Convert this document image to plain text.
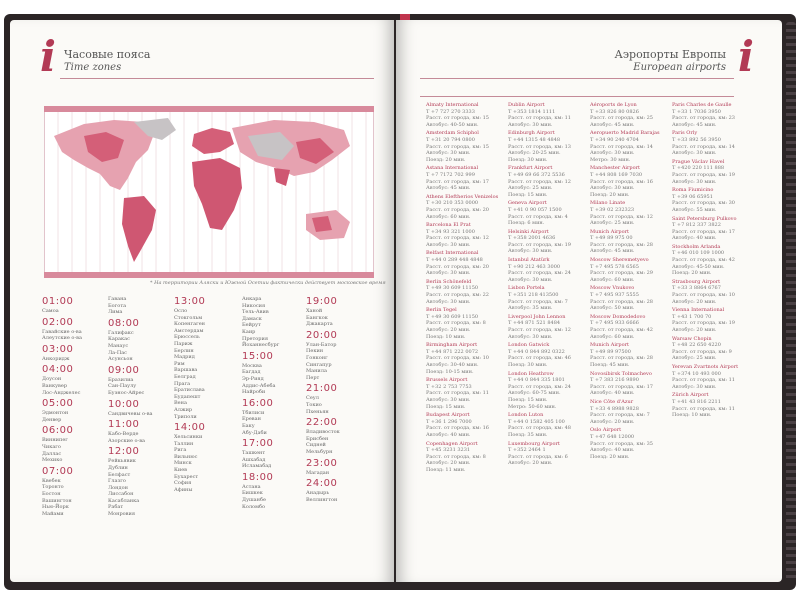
i Часовые пояса
Time zones
* На территории Аляски и Южной Осетии фактически действует московское время
01:00
Самоа
02:00
Гавайские о-ва
Алеутские о-ва
03:00
Анкоридж
04:00
Доусон
Ванкувер
Лос-Анджелес
05:00
Эдмонтон
Денвер
06:00
Виннипег
Чикаго
Даллас
Мехико
07:00
Квебек
Торонто
Бостон
Вашингтон
Нью-Йорк
Майами
Гавана
Богота
Лима
08:00
Галифакс
Каракас
Манаус
Ла-Пас
Асунсьон
09:00
Бразилиа
Сан-Паулу
Буэнос-Айрес
10:00
Сандвичевы о-ва
11:00
Кабо-Верде
Азорские о-ва
12:00
Рейкьявик
Дублин
Белфаст
Глазго
Лондон
Лиссабон
Касабланка
Рабат
Монровия
13:00
Осло
Стокгольм
Копенгаген
Амстердам
Брюссель
Париж
Берлин
Мадрид
Рим
Варшава
Белград
Прага
Братислава
Будапешт
Вена
Алжир
Триполи
14:00
Хельсинки
Таллин
Рига
Вильнюс
Минск
Киев
Бухарест
София
Афины
Анкара
Никосия
Тель-Авив
Дамаск
Бейрут
Каир
Претория
Йоханнесбург
15:00
Москва
Багдад
Эр-Рияд
Аддис-Абеба
Найроби
16:00
Тбилиси
Ереван
Баку
Абу-Даби
17:00
Ташкент
Ашхабад
Исламабад
18:00
Астана
Бишкек
Душанбе
Коломбо
19:00
Ханой
Бангкок
Джакарта
20:00
Улан-Батор
Пекин
Гонконг
Сингапур
Манила
Перт
21:00
Сеул
Токио
Пхеньян
22:00
Владивосток
Брисбен
Сидней
Мельбурн
23:00
Магадан
24:00
Анадырь
Веллингтон
i
Аэропорты Европы
European airports
Almaty International
T +7 727 270 3333
Расст. от города, км: 15
Автобус: 40-50 мин.
Amsterdam Schiphol
T +31 20 794 0800
Расст. от города, км: 15
Автобус: 30 мин.
Поезд: 20 мин.
Astana International
T +7 7172 702 999
Расст. от города, км: 17
Автобус: 45 мин.
Athens Eleftherios Venizelos
T +30 210 353 0000
Расст. от города, км: 20
Автобус: 60 мин.
Barcelona El Prat
T +34 93 321 1000
Расст. от города, км: 12
Автобус: 30 мин.
Belfast International
T +44 0 289 448 4848
Расст. от города, км: 20
Автобус: 30 мин.
Berlin Schönefeld
T +49 30 609 11150
Расст. от города, км: 22
Автобус: 30 мин.
Berlin Tegel
T +49 30 609 11150
Расст. от города, км: 8
Автобус: 20 мин.
Поезд: 10 мин.
Birmingham Airport
T +44 871 222 0072
Расст. от города, км: 10
Автобус: 30-40 мин.
Поезд: 10-15 мин.
Brussels Airport
T +32 2 753 7753
Расст. от города, км: 11
Автобус: 30 мин.
Поезд: 15 мин.
Budapest Airport
T +36 1 296 7000
Расст. от города, км: 16
Автобус: 40 мин.
Copenhagen Airport
T +45 3231 3231
Расст. от города, км: 8
Автобус: 20 мин.
Поезд: 11 мин.
Dublin Airport
T +353 1814 1111
Расст. от города, км: 11
Автобус: 30 мин.
Edinburgh Airport
T +44 1315 48 4848
Расст. от города, км: 13
Автобус: 20-25 мин.
Поезд: 30 мин.
Frankfurt Airport
T +49 69 66 372 5536
Расст. от города, км: 12
Автобус: 25 мин.
Поезд: 15 мин.
Geneva Airport
T +41 0 90 057 1500
Расст. от города, км: 4
Поезд: 6 мин.
Helsinki Airport
T +358 2001 4636
Расст. от города, км: 19
Автобус: 30 мин.
Istanbul Atatürk
T +90 212 463 3000
Расст. от города, км: 24
Автобус: 30 мин.
Lisbon Portela
T +351 218 413500
Расст. от города, км: 7
Автобус: 35 мин.
Liverpool John Lennon
T +44 871 521 8484
Расст. от города, км: 12
Автобус: 30 мин.
London Gatwick
T +44 0 844 892 0322
Расст. от города, км: 46
Поезд: 30 мин.
London Heathrow
T +44 0 844 335 1801
Расст. от города, км: 24
Автобус: 60-75 мин.
Поезд: 15 мин.
Метро: 50-60 мин.
London Luton
T +44 0 1582 405 100
Расст. от города, км: 48
Поезд: 35 мин.
Luxembourg Airport
T +352 2464 1
Расст. от города, км: 6
Автобус: 20 мин.
Aéroports de Lyon
T +33 826 80 0826
Расст. от города, км: 25
Автобус: 45 мин.
Aeropuerto Madrid Barajas
T +34 90 240 4704
Расст. от города, км: 14
Автобус: 30 мин.
Метро: 30 мин.
Manchester Airport
T +44 808 169 7030
Расст. от города, км: 16
Автобус: 30 мин.
Поезд: 20 мин.
Milano Linate
T +39 02 232323
Расст. от города, км: 12
Автобус: 25 мин.
Munich Airport
T +49 89 975 00
Расст. от города, км: 28
Автобус: 45 мин.
Moscow Sheremetyevo
T +7 495 578 6565
Расст. от города, км: 29
Автобус: 60 мин.
Moscow Vnukovo
T +7 495 937 5555
Расст. от города, км: 28
Автобус: 50 мин.
Moscow Domodedovo
T +7 495 933 6666
Расст. от города, км: 42
Автобус: 60 мин.
Munich Airport
T +49 89 97500
Расст. от города, км: 28
Поезд: 45 мин.
Novosibirsk Tolmachevo
T +7 383 216 9890
Расст. от города, км: 17
Автобус: 40 мин.
Nice Côte d'Azur
T +33 4 8988 9828
Расст. от города, км: 7
Автобус: 20 мин.
Oslo Airport
T +47 648 12000
Расст. от города, км: 35
Автобус: 40 мин.
Поезд: 20 мин.
Paris Charles de Gaulle
T +33 1 7036 3950
Расст. от города, км: 23
Автобус: 45 мин.
Paris Orly
T +33 892 56 3950
Расст. от города, км: 14
Автобус: 30 мин.
Prague Václav Havel
T +420 220 111 888
Расст. от города, км: 19
Автобус: 30 мин.
Roma Fiumicino
T +39 06 65951
Расст. от города, км: 30
Автобус: 55 мин.
Saint Petersburg Pulkovo
T +7 812 337 3822
Расст. от города, км: 17
Автобус: 40 мин.
Stockholm Arlanda
T +46 010 109 1000
Расст. от города, км: 42
Автобус: 45-50 мин.
Поезд: 20 мин.
Strasbourg Airport
T +33 3 8864 6767
Расст. от города, км: 10
Автобус: 20 мин.
Vienna International
T +43 1 700 70
Расст. от города, км: 19
Автобус: 20 мин.
Warsaw Chopin
T +48 22 650 4220
Расст. от города, км: 9
Автобус: 25 мин.
Yerevan Zvartnots Airport
T +374 10 493 000
Расст. от города, км: 11
Автобус: 30 мин.
Zürich Airport
T +41 43 816 2211
Расст. от города, км: 11
Поезд: 10 мин.
